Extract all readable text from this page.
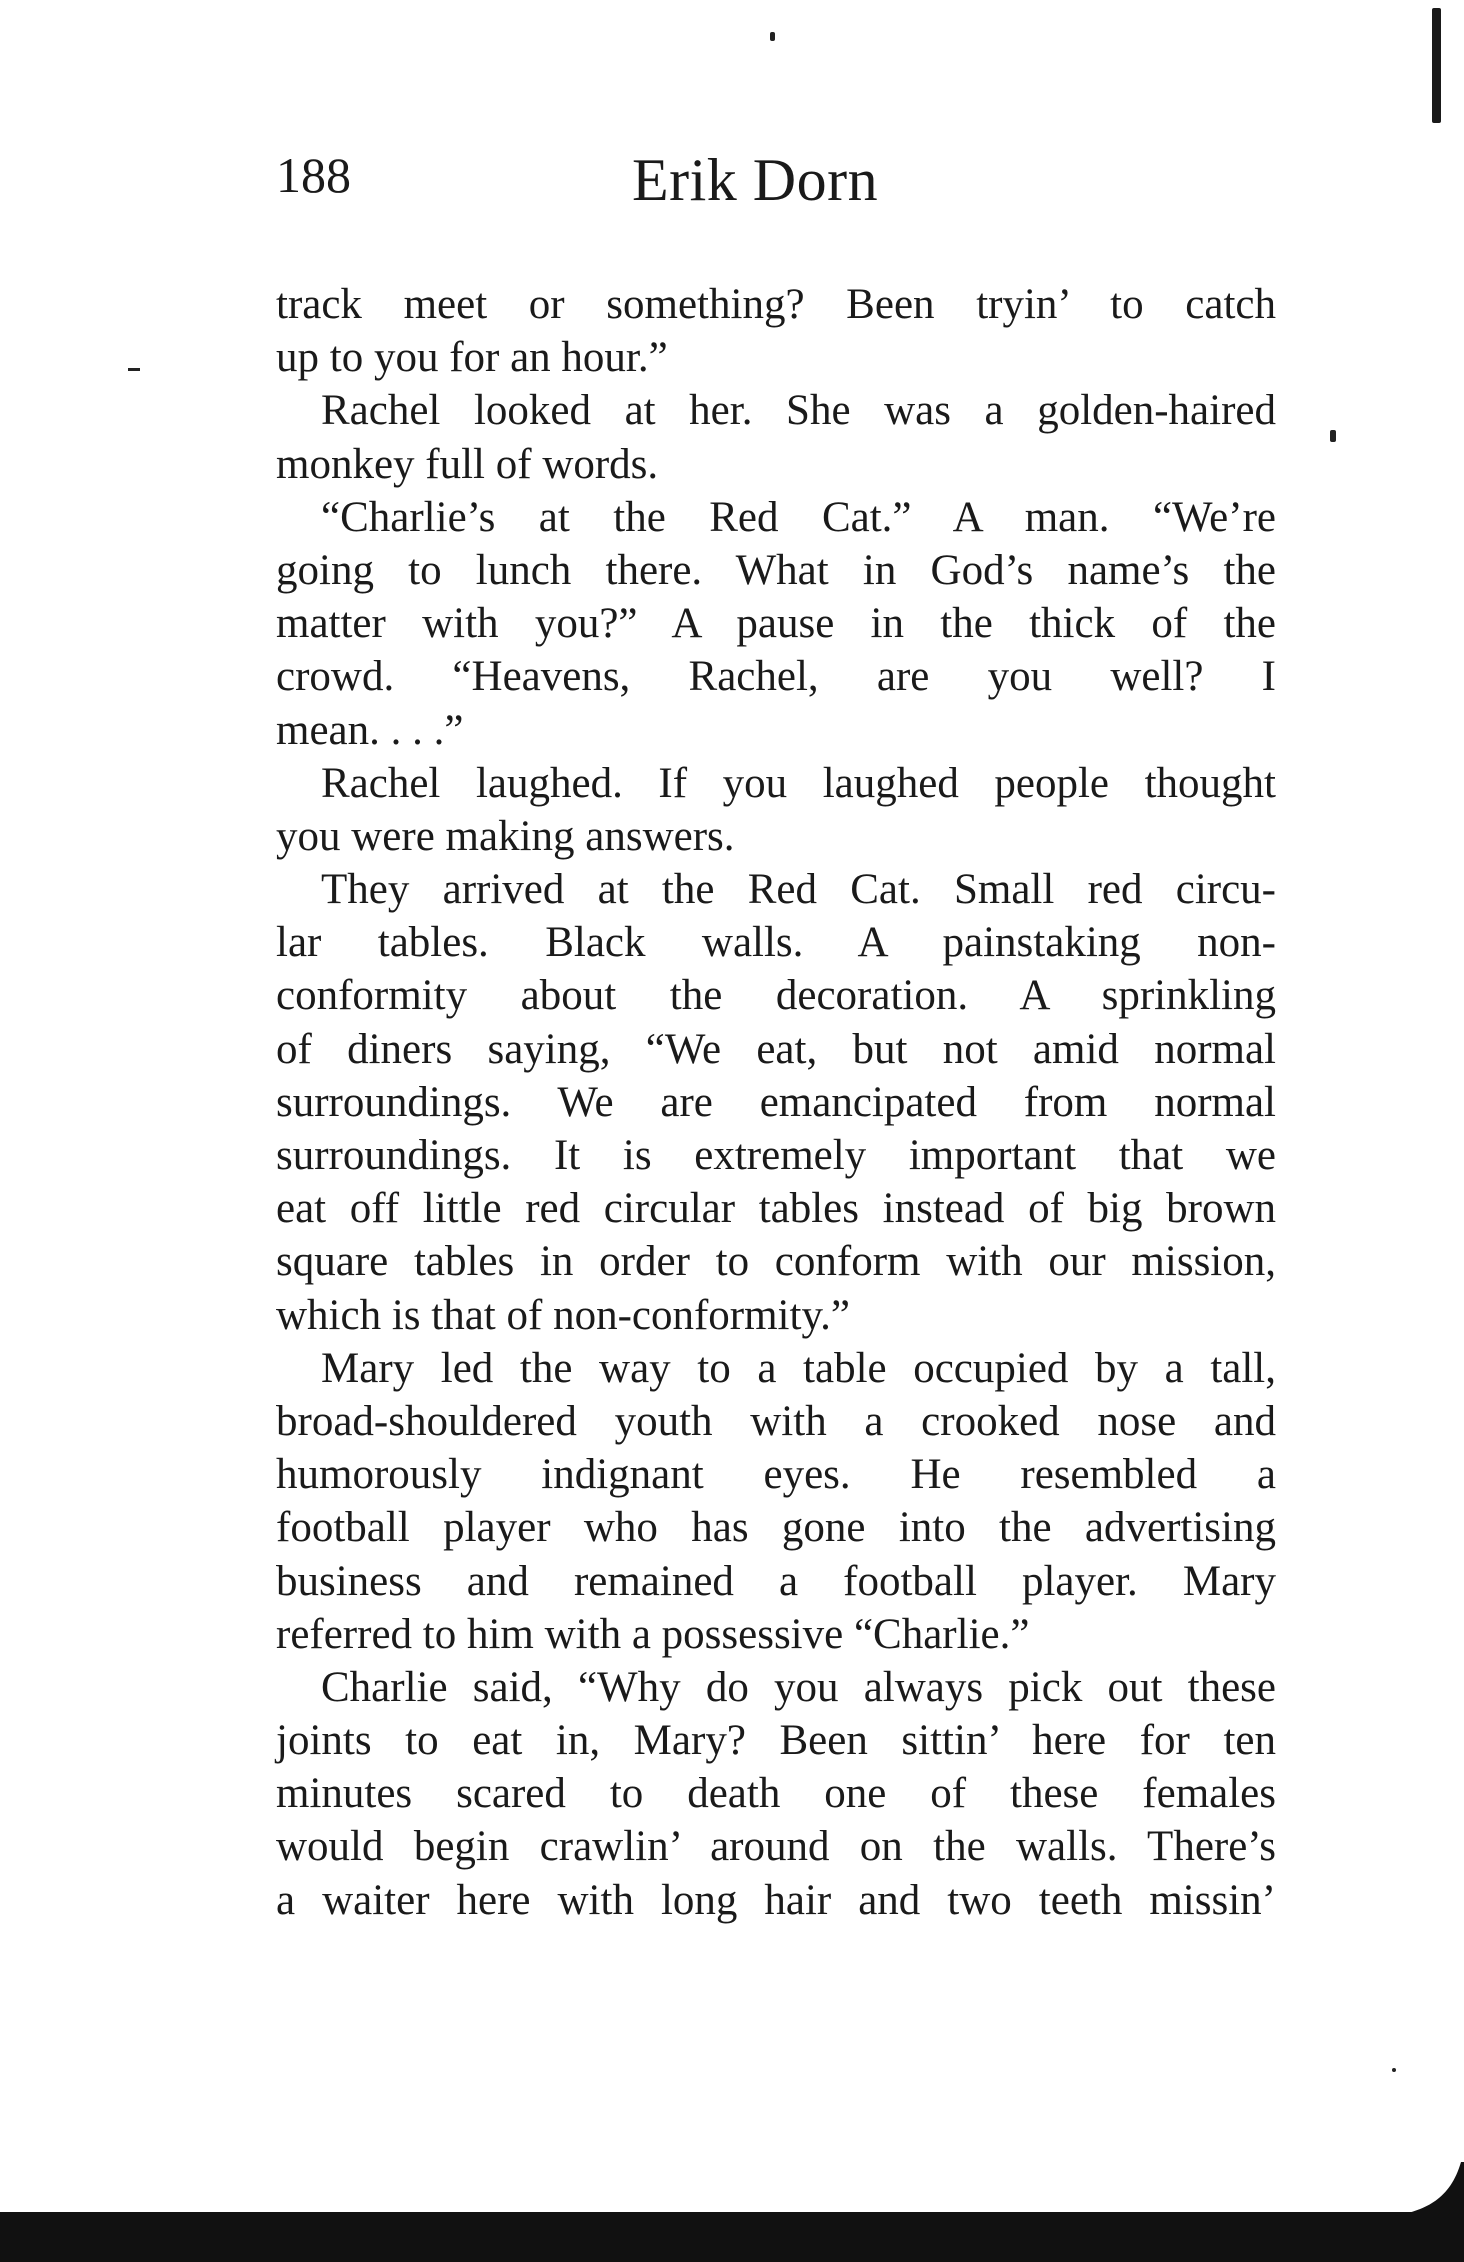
188	Erik Dorn
track meet or something? Been tryin’ to catch
up to you for an hour.”
Rachel looked at her. She was a golden-haired
monkey full of words.
“Charlie’s at the Red Cat.” A man. “We’re
going to lunch there. What in God’s name’s the
matter with you?” A pause in the thick of the
crowd. “Heavens, Rachel, are you well? I
mean. . . .”
Rachel laughed. If you laughed people thought
you were making answers.
They arrived at the Red Cat. Small red circu-
lar tables. Black walls. A painstaking non-
conformity about the decoration. A sprinkling
of diners saying, “We eat, but not amid normal
surroundings. We are emancipated from normal
surroundings. It is extremely important that we
eat off little red circular tables instead of big brown
square tables in order to conform with our mission,
which is that of non-conformity.”
Mary led the way to a table occupied by a tall,
broad-shouldered youth with a crooked nose and
humorously indignant eyes. He resembled a
football player who has gone into the advertising
business and remained a football player. Mary
referred to him with a possessive “Charlie.”
Charlie said, “Why do you always pick out these
joints to eat in, Mary? Been sittin’ here for ten
minutes scared to death one of these females
would begin crawlin’ around on the walls. There’s
a waiter here with long hair and two teeth missin’
